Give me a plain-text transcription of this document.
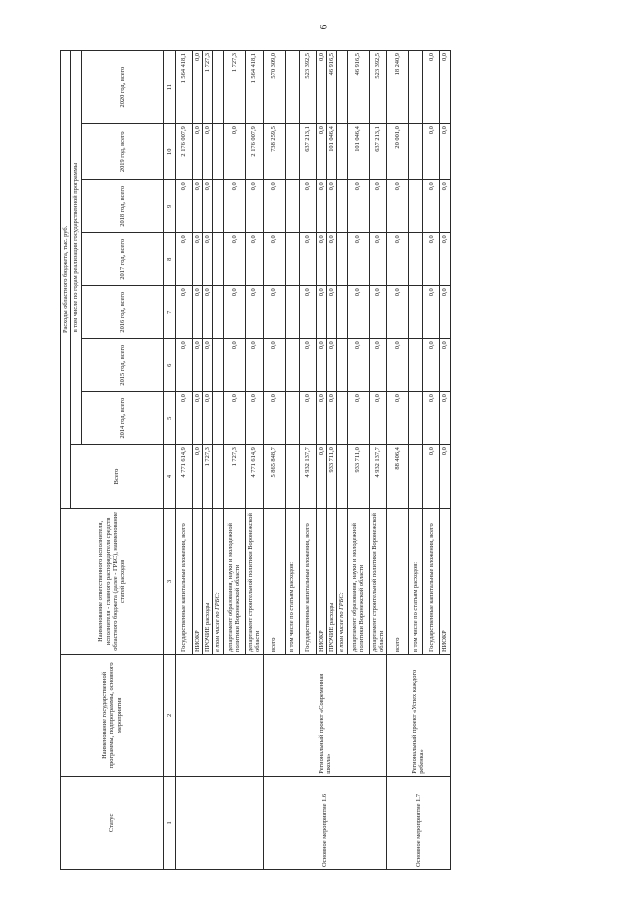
6
Статус	Наименование государственной программы, подпрограммы, основного мероприятия	Наименование ответственного исполнителя, исполнителя - главного распорядителя средств областного бюджета (далее - ГРБС), наименование статей расходов	Расходы областного бюджета, тыс. руб.							
			Всего	в том числе по годам реализации государственной программы						
				2014 год, всего	2015 год, всего	2016 год, всего	2017 год, всего	2018 год, всего	2019 год, всего	2020 год, всего
1	2	3	4	5	6	7	8	9	10	11
		Государственные капитальные вложения, всего	4 771 614,9	0,0	0,0	0,0	0,0	0,0	2 176 007,9	1 564 418,1
		НИОКР	0,0	0,0	0,0	0,0	0,0	0,0	0,0	0,0
		ПРОЧИЕ расходы	1 727,3	0,0	0,0	0,0	0,0	0,0	0,0	1 727,3
		в том числе по ГРБС:								
		департамент образования, науки и молодежной политики Воронежской области	1 727,3	0,0	0,0	0,0	0,0	0,0	0,0	1 727,3
		департамент строительной политики Воронежской области	4 771 614,9	0,0	0,0	0,0	0,0	0,0	2 176 007,9	1 564 418,1
Основное мероприятие 1.6	Региональный проект «Современная школа»	всего	5 865 848,7	0,0	0,0	0,0	0,0	0,0	738 259,5	570 309,0
		в том числе по статьям расходов:								
		Государственные капитальные вложения, всего	4 932 137,7	0,0	0,0	0,0	0,0	0,0	637 213,1	523 392,5
		НИОКР	0,0	0,0	0,0	0,0	0,0	0,0	0,0	0,0
		ПРОЧИЕ расходы	933 711,0	0,0	0,0	0,0	0,0	0,0	101 046,4	46 916,5
		в том числе по ГРБС:								
		департамент образования, науки и молодежной политики Воронежской области	933 711,0	0,0	0,0	0,0	0,0	0,0	101 046,4	46 916,5
		департамент строительной политики Воронежской области	4 932 137,7	0,0	0,0	0,0	0,0	0,0	637 213,1	523 392,5
Основное мероприятие 1.7	Региональный проект «Успех каждого ребенка»	всего	88 406,4	0,0	0,0	0,0	0,0	0,0	20 001,0	18 240,9
		в том числе по статьям расходов:								
		Государственные капитальные вложения, всего	0,0	0,0	0,0	0,0	0,0	0,0	0,0	0,0
		НИОКР	0,0	0,0	0,0	0,0	0,0	0,0	0,0	0,0
